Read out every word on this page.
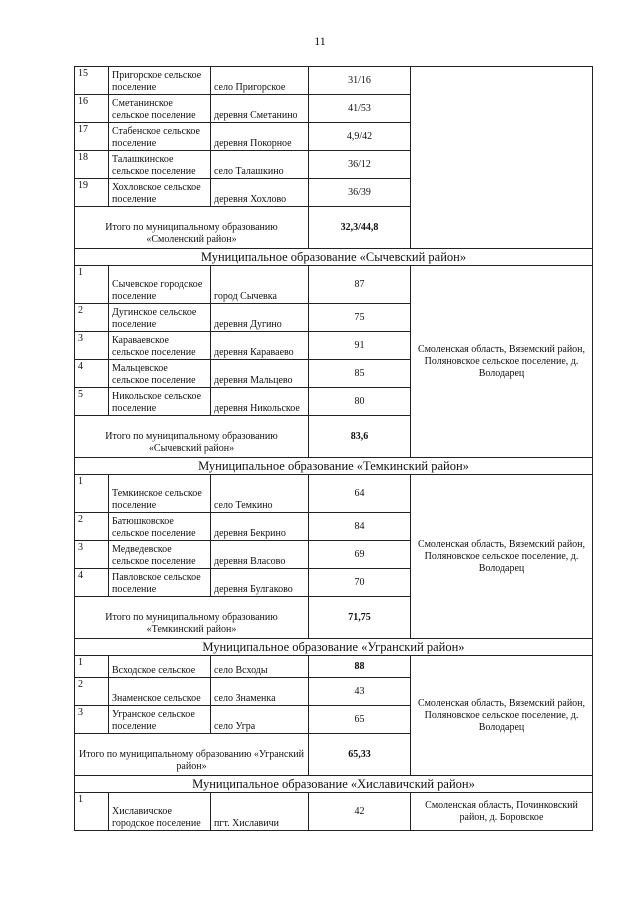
11
15	Пригорское сельское поселение	село Пригорское	31/16	
16	Сметанинское сельское поселение	деревня Сметанино	41/53	
17	Стабенское сельское поселение	деревня Покорное	4,9/42	
18	Талашкинское сельское поселение	село Талашкино	36/12	
19	Хохловское сельское поселение	деревня Хохлово	36/39	
Итого по муниципальному образованию «Смоленский район»			32,3/44,8	
Муниципальное образование «Сычевский район»				
1	Сычевское городское поселение	город Сычевка	87	Смоленская область, Вяземский район, Поляновское сельское поселение, д. Володарец
2	Дугинское сельское поселение	деревня Дугино	75	
3	Караваевское сельское поселение	деревня Караваево	91	
4	Мальцевское сельское поселение	деревня Мальцево	85	
5	Никольское сельское поселение	деревня Никольское	80	
Итого по муниципальному образованию «Сычевский район»			83,6	
Муниципальное образование «Темкинский район»				
1	Темкинское сельское поселение	село Темкино	64	Смоленская область, Вяземский район, Поляновское сельское поселение, д. Володарец
2	Батюшковское сельское поселение	деревня Бекрино	84	
3	Медведевское сельское поселение	деревня Власово	69	
4	Павловское сельское поселение	деревня Булгаково	70	
Итого по муниципальному образованию «Темкинский район»			71,75	
Муниципальное образование «Угранский район»				
1	Всходское сельское	село Всходы	88	Смоленская область, Вяземский район, Поляновское сельское поселение, д. Володарец
2	Знаменское сельское	село Знаменка	43	
3	Угранское сельское поселение	село Угра	65	
Итого по муниципальному образованию «Угранский район»			65,33	
Муниципальное образование «Хиславичский район»				
1	Хиславичское городское поселение	пгт. Хиславичи	42	Смоленская область, Починковский район, д. Боровское
